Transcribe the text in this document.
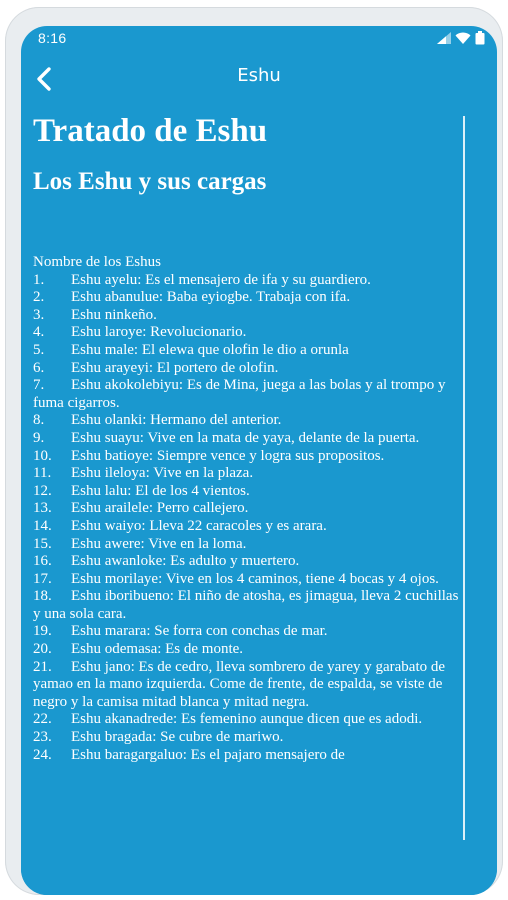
8:16
Eshu
Tratado de Eshu
Los Eshu y sus cargas

Nombre de los Eshus

1. Eshu ayelu: Es el mensajero de ifa y su guardiero.

2. Eshu abanulue: Baba eyiogbe. Trabaja con ifa.

3. Eshu ninkeño.

4. Eshu laroye: Revolucionario.

5. Eshu male: El elewa que olofin le dio a orunla

6. Eshu arayeyi: El portero de olofin.

7. Eshu akokolebiyu: Es de Mina, juega a las bolas y al trompo y fuma cigarros.

8. Eshu olanki: Hermano del anterior.

9. Eshu suayu: Vive en la mata de yaya, delante de la puerta.

10. Eshu batioye: Siempre vence y logra sus propositos.

11. Eshu ileloya: Vive en la plaza.

12. Eshu lalu: El de los 4 vientos.

13. Eshu arailele: Perro callejero.

14. Eshu waiyo: Lleva 22 caracoles y es arara.

15. Eshu awere: Vive en la loma.

16. Eshu awanloke: Es adulto y muertero.

17. Eshu morilaye: Vive en los 4 caminos, tiene 4 bocas y 4 ojos.

18. Eshu iboribueno: El niño de atosha, es jimagua, lleva 2 cuchillas y una sola cara.

19. Eshu marara: Se forra con conchas de mar.

20. Eshu odemasa: Es de monte.

21. Eshu jano: Es de cedro, lleva sombrero de yarey y garabato de yamao en la mano izquierda. Come de frente, de espalda, se viste de negro y la camisa mitad blanca y mitad negra.

22. Eshu akanadrede: Es femenino aunque dicen que es adodi.

23. Eshu bragada: Se cubre de mariwo.

24. Eshu baragargaluo: Es el pajaro mensajero de
